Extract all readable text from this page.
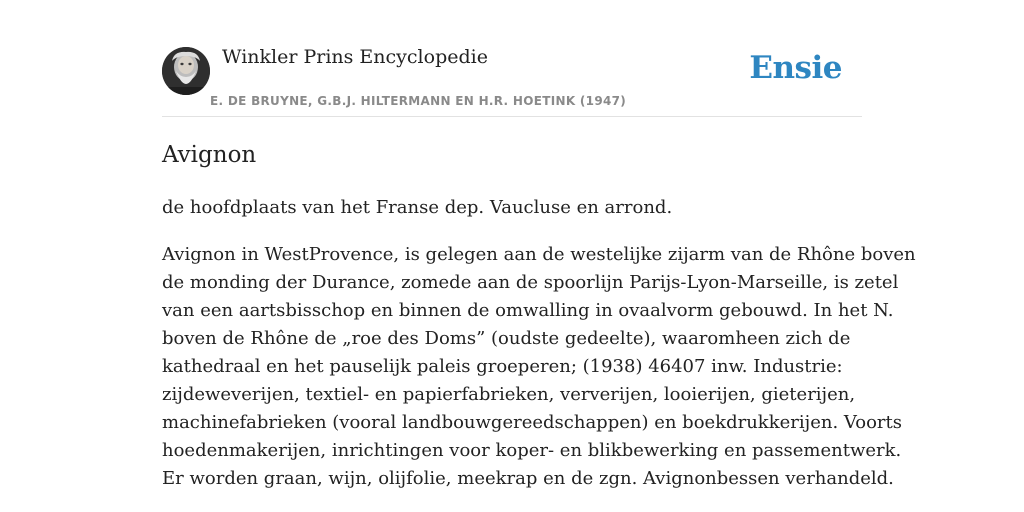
Winkler Prins Encyclopedie
E. DE BRUYNE, G.B.J. HILTERMANN EN H.R. HOETINK (1947)
Ensie
Avignon

de hoofdplaats van het Franse dep. Vaucluse en arrond.

Avignon in WestProvence, is gelegen aan de westelijke zijarm van de Rhône boven
de monding der Durance, zomede aan de spoorlijn Parijs-Lyon-Marseille, is zetel
van een aartsbisschop en binnen de omwalling in ovaalvorm gebouwd. In het N.
boven de Rhône de „roe des Doms” (oudste gedeelte), waaromheen zich de
kathedraal en het pauselijk paleis groeperen; (1938) 46407 inw. Industrie:
zijdeweverijen, textiel- en papierfabrieken, ververijen, looierijen, gieterijen,
machinefabrieken (vooral landbouwgereedschappen) en boekdrukkerijen. Voorts
hoedenmakerijen, inrichtingen voor koper- en blikbewerking en passementwerk.
Er worden graan, wijn, olijfolie, meekrap en de zgn. Avignonbessen verhandeld.
